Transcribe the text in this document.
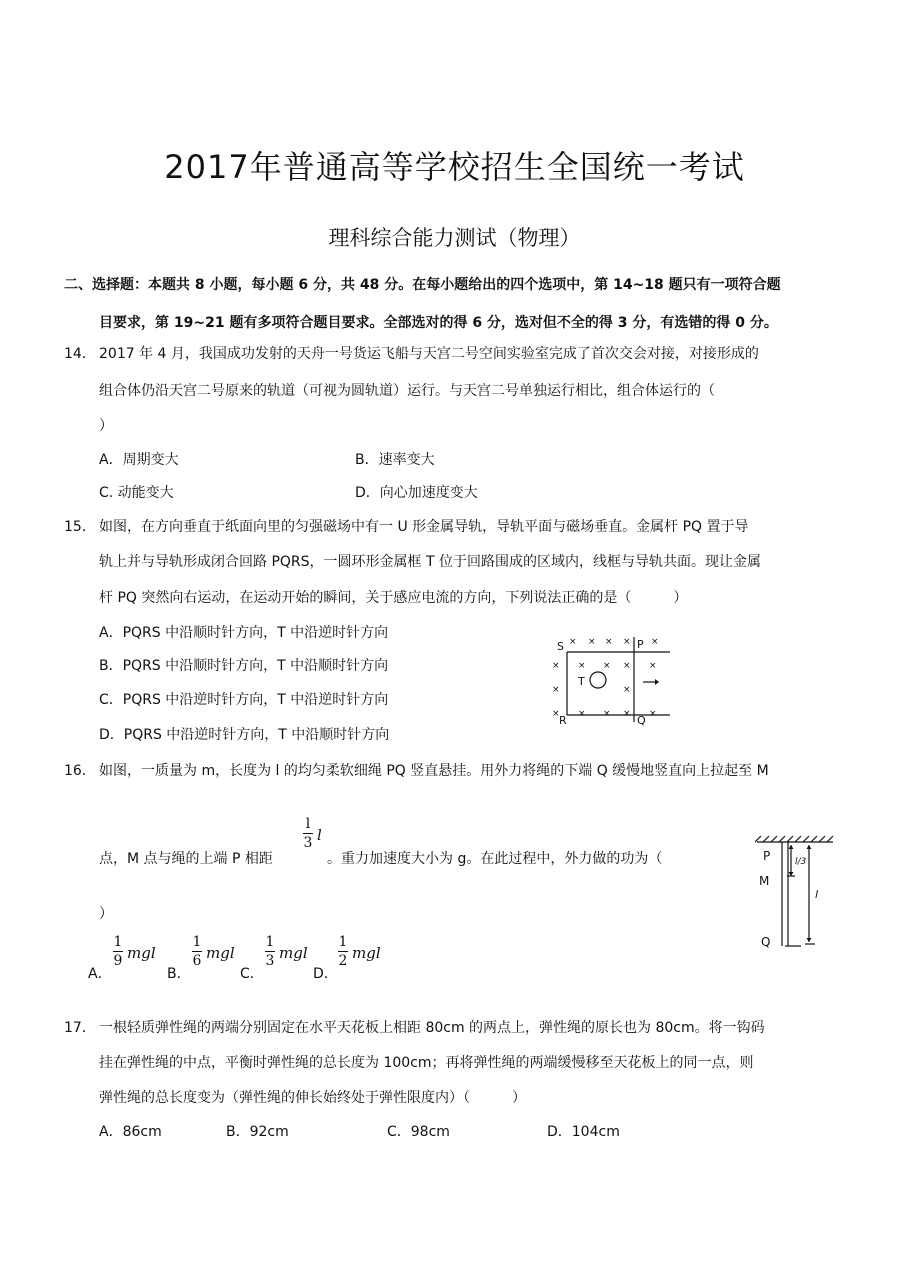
2017年普通高等学校招生全国统一考试
理科综合能力测试（物理）
二、选择题：本题共 8 小题，每小题 6 分，共 48 分。在每小题给出的四个选项中，第 14~18 题只有一项符合题
目要求，第 19~21 题有多项符合题目要求。全部选对的得 6 分，选对但不全的得 3 分，有选错的得 0 分。
14． 2017 年 4 月，我国成功发射的天舟一号货运飞船与天宫二号空间实验室完成了首次交会对接，对接形成的
组合体仍沿天宫二号原来的轨道（可视为圆轨道）运行。与天宫二号单独运行相比，组合体运行的（
）
A．周期变大	B．速率变大
C. 动能变大	D．向心加速度变大
15． 如图，在方向垂直于纸面向里的匀强磁场中有一 U 形金属导轨，导轨平面与磁场垂直。金属杆 PQ 置于导
轨上并与导轨形成闭合回路 PQRS，一圆环形金属框 T 位于回路围成的区域内，线框与导轨共面。现让金属
杆 PQ 突然向右运动，在运动开始的瞬间，关于感应电流的方向，下列说法正确的是（　　　）
A．PQRS 中沿顺时针方向，T 中沿逆时针方向
B．PQRS 中沿顺时针方向，T 中沿顺时针方向
C．PQRS 中沿逆时针方向，T 中沿逆时针方向
D．PQRS 中沿逆时针方向，T 中沿顺时针方向
× × × × ×
× × × × ×
×	×
× × × × ×
S	P
R	Q
T
16． 如图，一质量为 m，长度为 l 的均匀柔软细绳 PQ 竖直悬挂。用外力将绳的下端 Q 缓慢地竖直向上拉起至 M
点，M 点与绳的上端 P 相距
l
3 l
。重力加速度大小为 g。在此过程中，外力做的功为（
）
A．
1
9 mgl
B．
1
6 mgl
C．
1
3 mgl
D．
1
2 mgl
P
M
Q
l/3
l
17． 一根轻质弹性绳的两端分别固定在水平天花板上相距 80cm 的两点上，弹性绳的原长也为 80cm。将一钩码
挂在弹性绳的中点，平衡时弹性绳的总长度为 100cm；再将弹性绳的两端缓慢移至天花板上的同一点，则
弹性绳的总长度变为（弹性绳的伸长始终处于弹性限度内）（　　　）
A．86cm	B．92cm	C．98cm	D．104cm
